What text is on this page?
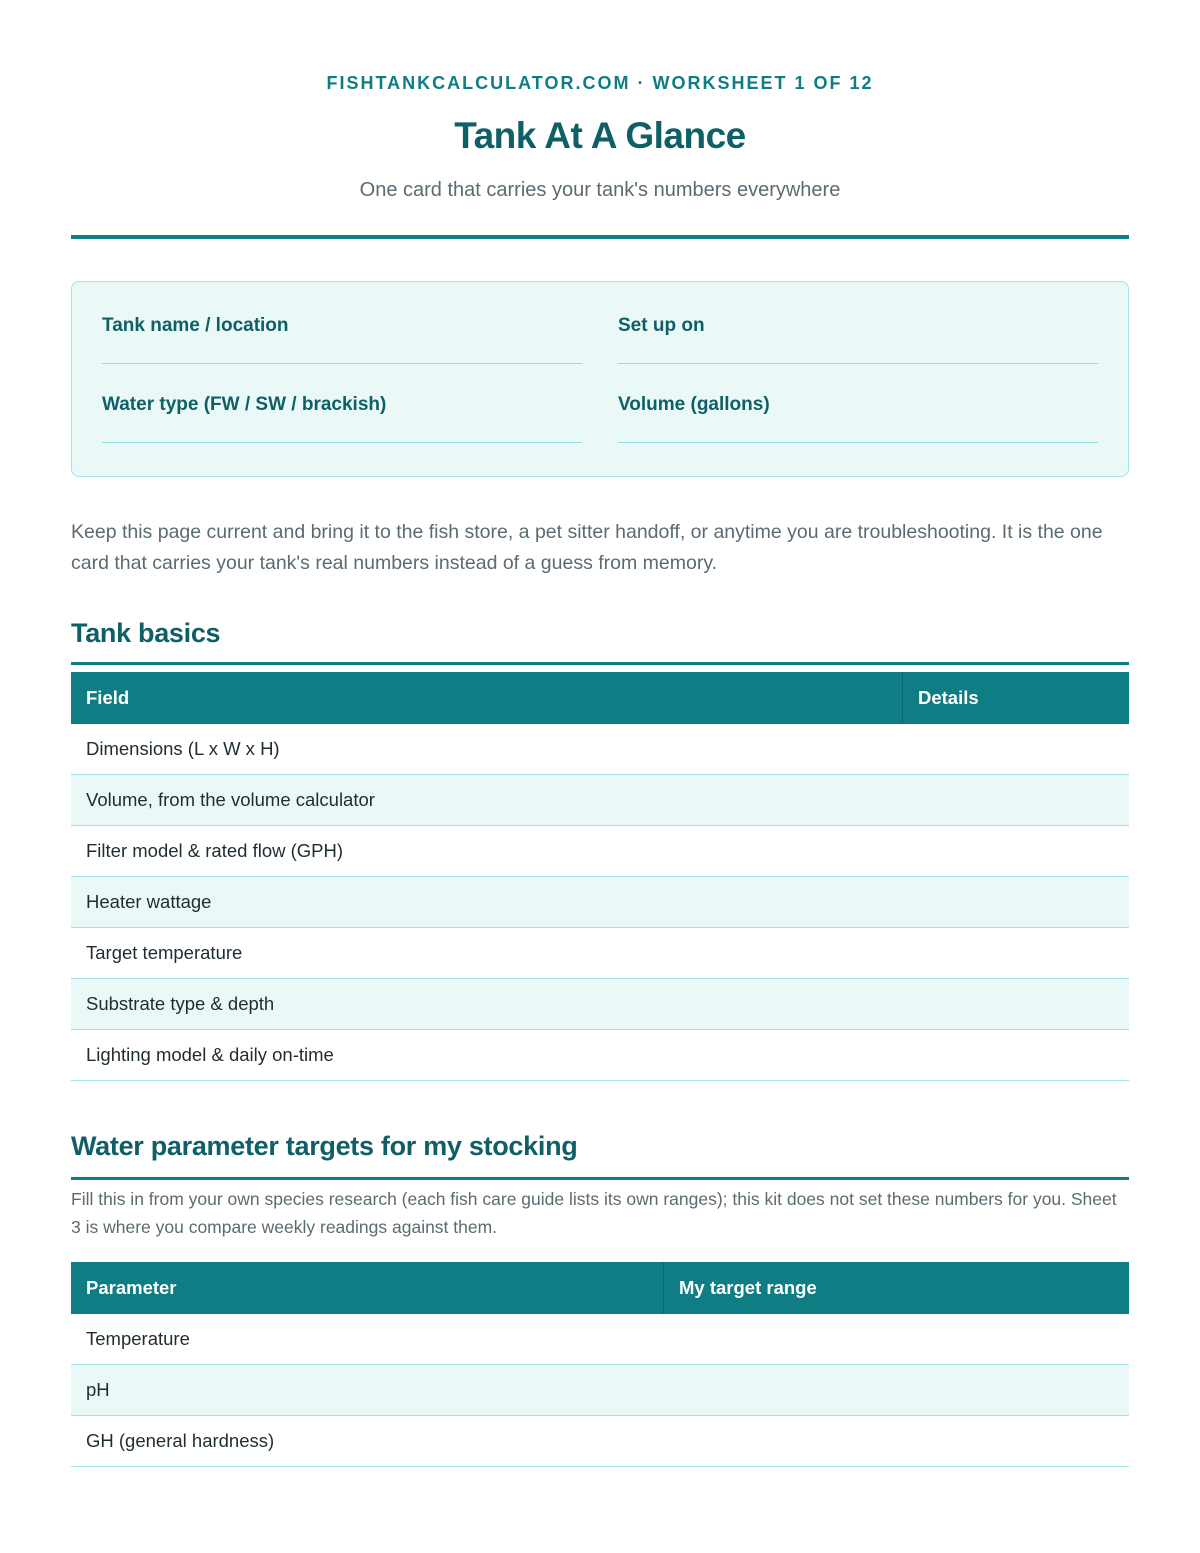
FISHTANKCALCULATOR.COM · WORKSHEET 1 OF 12
Tank At A Glance
One card that carries your tank's numbers everywhere

Tank name / location	Set up on

Water type (FW / SW / brackish)	Volume (gallons)

Keep this page current and bring it to the fish store, a pet sitter handoff, or anytime you are troubleshooting. It is the one card that carries your tank's real numbers instead of a guess from memory.

Tank basics
Field	Details
Dimensions (L x W x H)	
Volume, from the volume calculator	
Filter model & rated flow (GPH)	
Heater wattage	
Target temperature	
Substrate type & depth	
Lighting model & daily on-time	
Water parameter targets for my stocking

Fill this in from your own species research (each fish care guide lists its own ranges); this kit does not set these numbers for you. Sheet 3 is where you compare weekly readings against them.

Parameter	My target range
Temperature	
pH	
GH (general hardness)	
